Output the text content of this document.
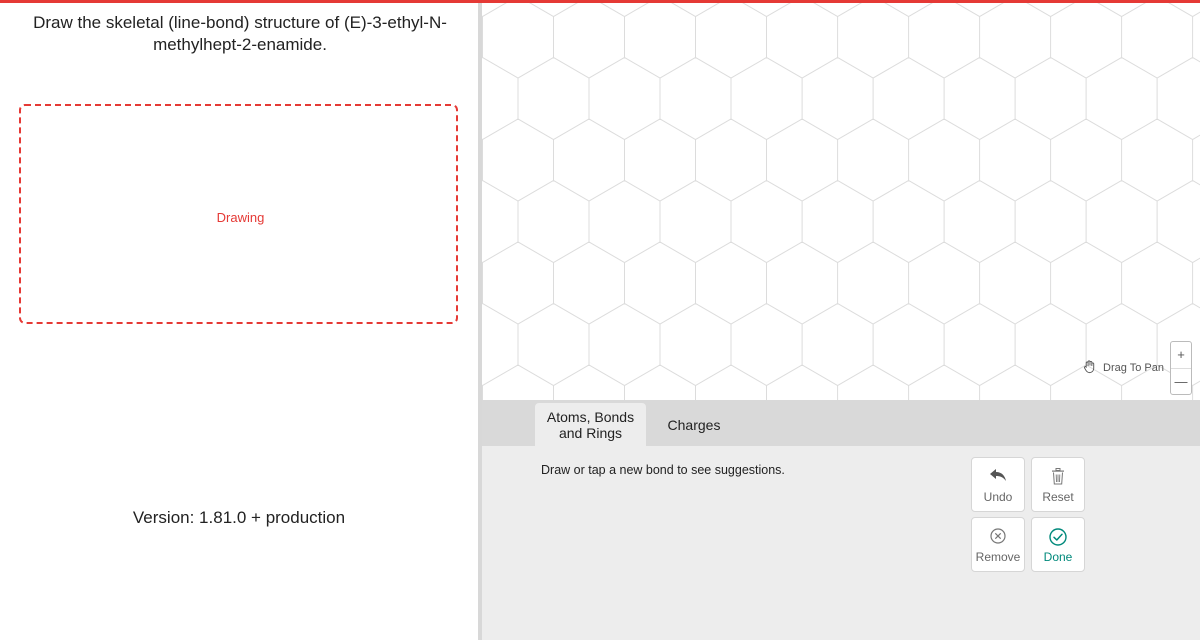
Draw the skeletal (line-bond) structure of (E)-3-ethyl-N-
methylhept-2-enamide.
Drawing
Version: 1.81.0 + production
Drag To Pan
+
—
Atoms, Bonds
and Rings	Charges
Draw or tap a new bond to see suggestions.
Undo Reset
Remove Done
